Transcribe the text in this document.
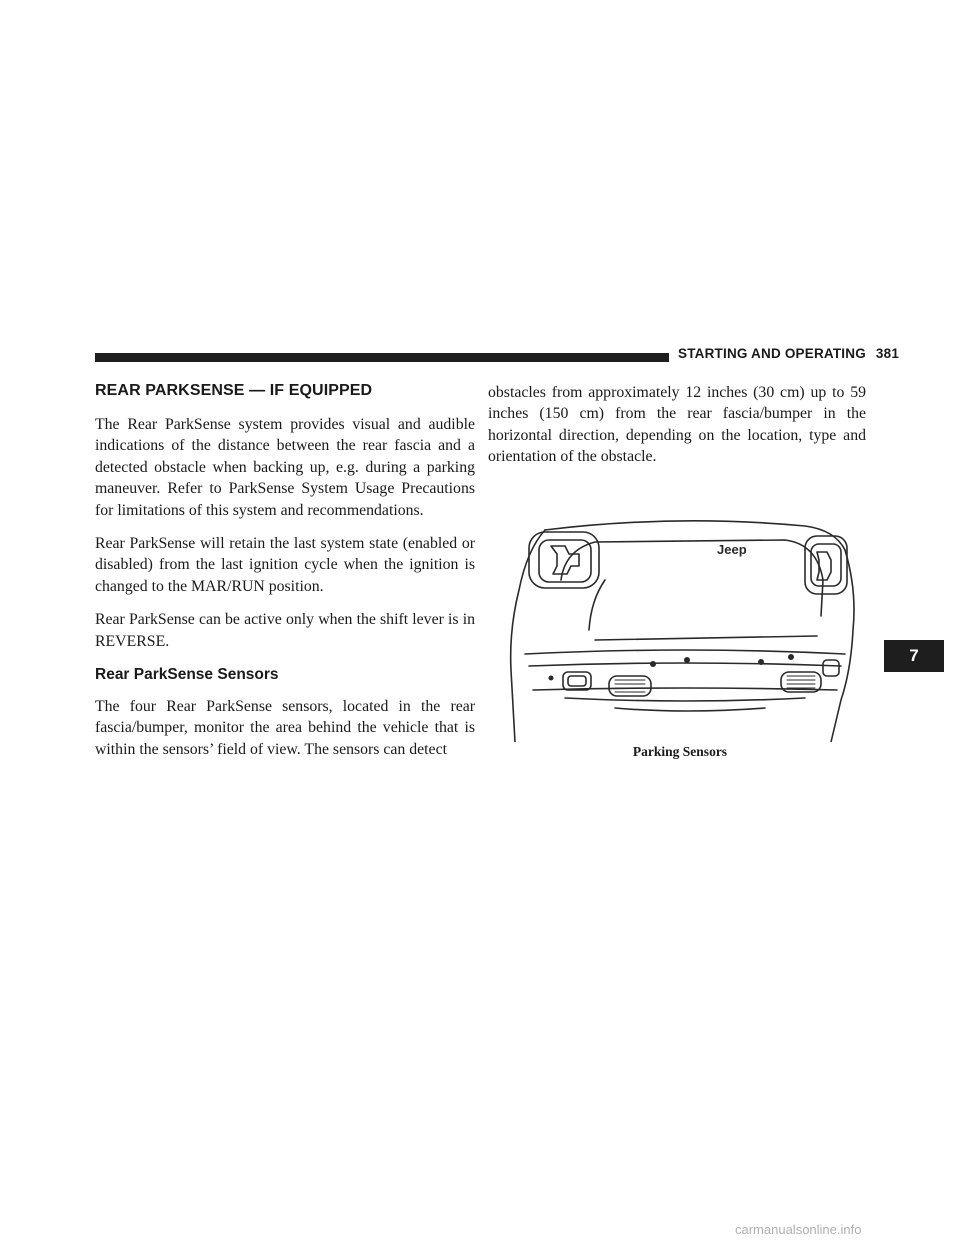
STARTING AND OPERATING 381
REAR PARKSENSE — IF EQUIPPED

The Rear ParkSense system provides visual and audible indications of the distance between the rear fascia and a detected obstacle when backing up, e.g. during a parking maneuver. Refer to ParkSense System Usage Precautions for limitations of this system and recommendations.

Rear ParkSense will retain the last system state (enabled or disabled) from the last ignition cycle when the ignition is changed to the MAR/RUN position.

Rear ParkSense can be active only when the shift lever is in REVERSE.

Rear ParkSense Sensors

The four Rear ParkSense sensors, located in the rear fascia/bumper, monitor the area behind the vehicle that is within the sensors’ field of view. The sensors can detect

obstacles from approximately 12 inches (30 cm) up to 59 inches (150 cm) from the rear fascia/bumper in the horizontal direction, depending on the location, type and orientation of the obstacle.

Jeep
Parking Sensors
7
carmanualsonline.info
